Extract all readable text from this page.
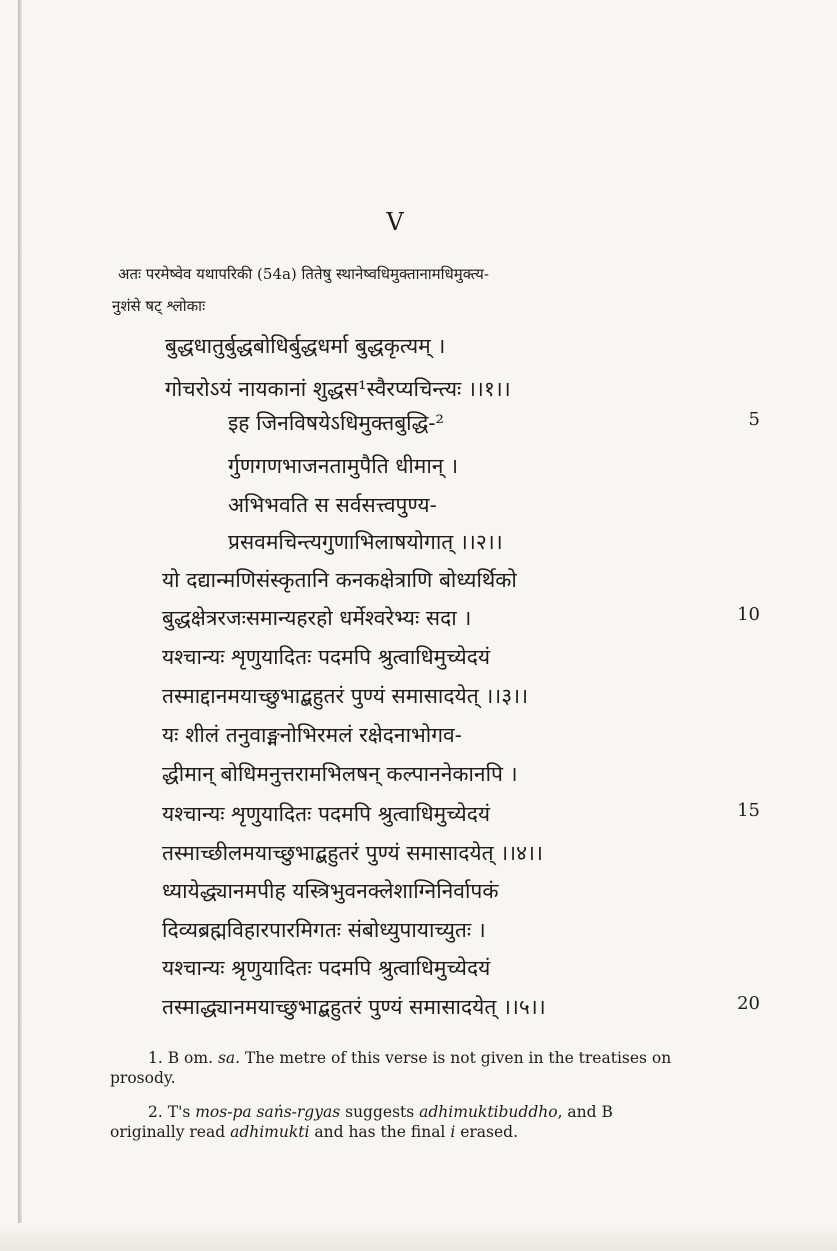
V
अतः परमेष्वेव यथापरिकी (54a) तितेषु स्थानेष्वधिमुक्तानामधिमुक्त्य-
नुशंसे षट् श्लोकाः
बुद्धधातुर्बुद्धबोधिर्बुद्धधर्मा बुद्धकृत्यम् ।
गोचरोऽयं नायकानां शुद्धस¹स्वैरप्यचिन्त्यः ।।१।।
इह जिनविषयेऽधिमुक्तबुद्धि-²	5
र्गुणगणभाजनतामुपैति धीमान् ।
अभिभवति स सर्वसत्त्वपुण्य-
प्रसवमचिन्त्यगुणाभिलाषयोगात् ।।२।।
यो दद्यान्मणिसंस्कृतानि कनकक्षेत्राणि बोध्यर्थिको
बुद्धक्षेत्ररजःसमान्यहरहो धर्मेश्वरेभ्यः सदा ।	10
यश्चान्यः शृणुयादितः पदमपि श्रुत्वाधिमुच्येदयं
तस्माद्दानमयाच्छुभाद्बहुतरं पुण्यं समासादयेत् ।।३।।
यः शीलं तनुवाङ्मनोभिरमलं रक्षेदनाभोगव-
द्धीमान् बोधिमनुत्तरामभिलषन् कल्पाननेकानपि ।
यश्चान्यः शृणुयादितः पदमपि श्रुत्वाधिमुच्येदयं	15
तस्माच्छीलमयाच्छुभाद्बहुतरं पुण्यं समासादयेत् ।।४।।
ध्यायेद्ध्यानमपीह यस्त्रिभुवनक्लेशाग्निनिर्वापकं
दिव्यब्रह्मविहारपारमिगतः संबोध्युपायाच्युतः ।
यश्चान्यः श्रृणुयादितः पदमपि श्रुत्वाधिमुच्येदयं
तस्माद्ध्यानमयाच्छुभाद्बहुतरं पुण्यं समासादयेत् ।।५।।	20

1. B om. sa. The metre of this verse is not given in the treatises on prosody.

2. T's mos-pa saṅs-rgyas suggests adhimuktibuddho, and B originally read adhimukti and has the final i erased.
